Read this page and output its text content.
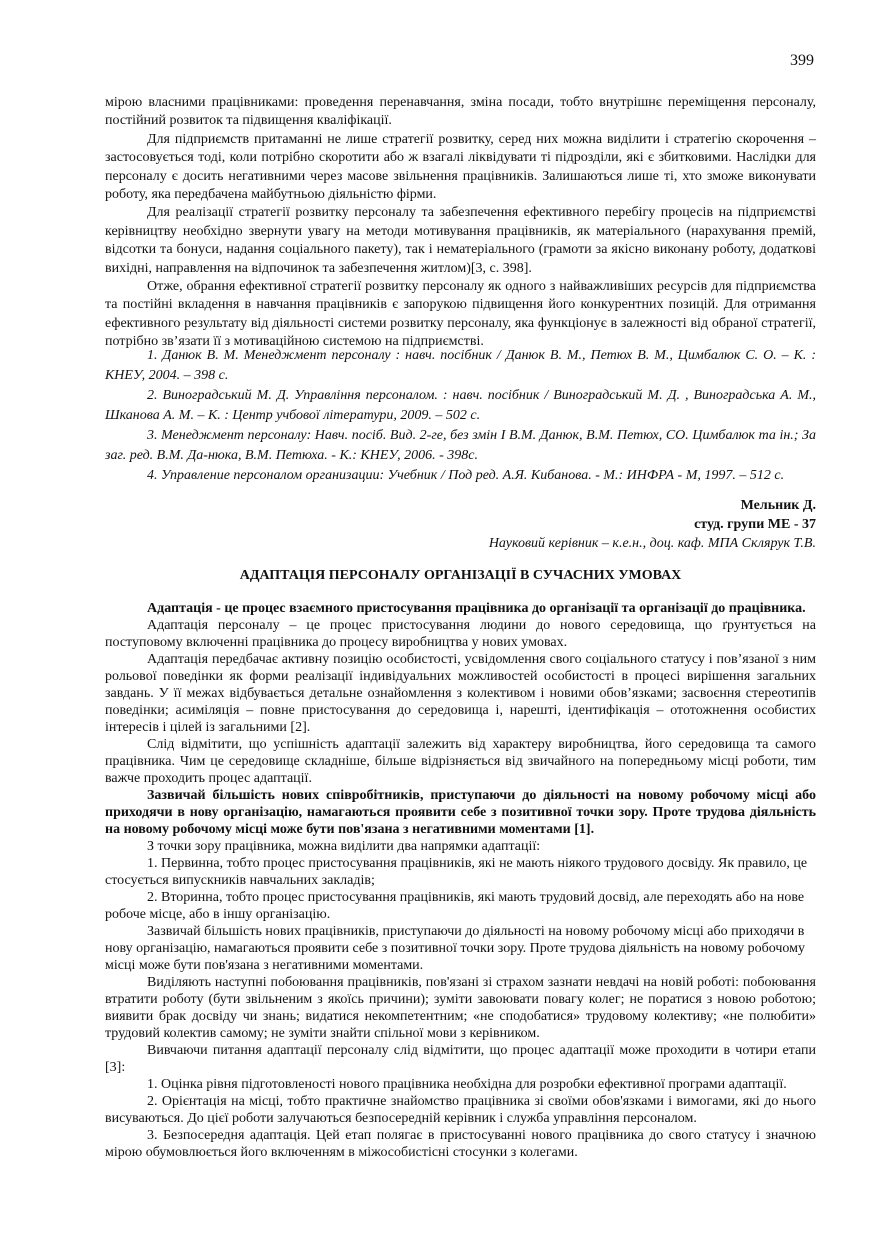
399

мірою власними працівниками: проведення перенавчання, зміна посади, тобто внутрішнє переміщення персоналу, постійний розвиток та підвищення кваліфікації.

Для підприємств притаманні не лише стратегії розвитку, серед них можна виділити і стратегію скорочення – застосовується тоді, коли потрібно скоротити або ж взагалі ліквідувати ті підрозділи, які є збитковими. Наслідки для персоналу є досить негативними через масове звільнення працівників. Залишаються лише ті, хто зможе виконувати роботу, яка передбачена майбутньою діяльністю фірми.

Для реалізації стратегії розвитку персоналу та забезпечення ефективного перебігу процесів на підприємстві керівництву необхідно звернути увагу на методи мотивування працівників, як матеріального (нарахування премій, відсотки та бонуси, надання соціального пакету), так і нематеріального (грамоти за якісно виконану роботу, додаткові вихідні, направлення на відпочинок та забезпечення житлом)[3, с. 398].

Отже, обрання ефективної стратегії розвитку персоналу як одного з найважливіших ресурсів для підприємства та постійні вкладення в навчання працівників є запорукою підвищення його конкурентних позицій. Для отримання ефективного результату від діяльності системи розвитку персоналу, яка функціонує в залежності від обраної стратегії, потрібно зв’язати її з мотиваційною системою на підприємстві.

1. Данюк В. М. Менеджмент персоналу : навч. посібник / Данюк В. М., Петюх В. М., Цимбалюк С. О. – К. : КНЕУ, 2004. – 398 с.

2. Виноградський М. Д. Управління персоналом. : навч. посібник / Виноградський М. Д. , Виноградська А. М., Шканова А. М. – К. : Центр учбової літератури, 2009. – 502 с.

3. Менеджмент персоналу: Навч. посіб. Вид. 2-ге, без змін I В.М. Данюк, В.М. Петюх, СО. Цимбалюк та ін.; За заг. ред. В.М. Да-нюка, В.М. Петюха. - К.: КНЕУ, 2006. - 398с.

4. Управление персоналом организации: Учебник / Под ред. А.Я. Кибанова. - М.: ИНФРА - М, 1997. – 512 с.

Мельник Д.
студ. групи МЕ - 37
Науковий керівник – к.е.н., доц. каф. МПА Склярук Т.В.
АДАПТАЦІЯ ПЕРСОНАЛУ ОРГАНІЗАЦІЇ В СУЧАСНИХ УМОВАХ

Адаптація - це процес взаємного пристосування працівника до організації та організації до працівника.

Адаптація персоналу – це процес пристосування людини до нового середовища, що ґрунтується на поступовому включенні працівника до процесу виробництва у нових умовах.

Адаптація передбачає активну позицію особистості, усвідомлення свого соціального статусу і пов’язаної з ним рольової поведінки як форми реалізації індивідуальних можливостей особистості в процесі вирішення загальних завдань. У її межах відбувається детальне ознайомлення з колективом і новими обов’язками; засвоєння стереотипів поведінки; асиміляція – повне пристосування до середовища і, нарешті, ідентифікація – ототожнення особистих інтересів і цілей із загальними [2].

Слід відмітити, що успішність адаптації залежить від характеру виробництва, його середовища та самого працівника. Чим це середовище складніше, більше відрізняється від звичайного на попередньому місці роботи, тим важче проходить процес адаптації.

Зазвичай більшість нових співробітників, приступаючи до діяльності на новому робочому місці або приходячи в нову організацію, намагаються проявити себе з позитивної точки зору. Проте трудова діяльність на новому робочому місці може бути пов'язана з негативними моментами [1].

З точки зору працівника, можна виділити два напрямки адаптації:

1. Первинна, тобто процес пристосування працівників, які не мають ніякого трудового досвіду. Як правило, це стосується випускників навчальних закладів;

2. Вторинна, тобто процес пристосування працівників, які мають трудовий досвід, але переходять або на нове робоче місце, або в іншу організацію.

Зазвичай більшість нових працівників, приступаючи до діяльності на новому робочому місці або приходячи в нову організацію, намагаються проявити себе з позитивної точки зору. Проте трудова діяльність на новому робочому місці може бути пов'язана з негативними моментами.

Виділяють наступні побоювання працівників, пов'язані зі страхом зазнати невдачі на новій роботі: побоювання втратити роботу (бути звільненим з якоїсь причини); зуміти завоювати повагу колег; не поратися з новою роботою; виявити брак досвіду чи знань; видатися некомпетентним; «не сподобатися» трудовому колективу; «не полюбити» трудовий колектив самому; не зуміти знайти спільної мови з керівником.

Вивчаючи питання адаптації персоналу слід відмітити, що процес адаптації може проходити в чотири етапи [3]:

1. Оцінка рівня підготовленості нового працівника необхідна для розробки ефективної програми адаптації.

2. Орієнтація на місці, тобто практичне знайомство працівника зі своїми обов'язками і вимогами, які до нього висуваються. До цієї роботи залучаються безпосередній керівник і служба управління персоналом.

3. Безпосередня адаптація. Цей етап полягає в пристосуванні нового працівника до свого статусу і значною мірою обумовлюється його включенням в міжособистісні стосунки з колегами.
